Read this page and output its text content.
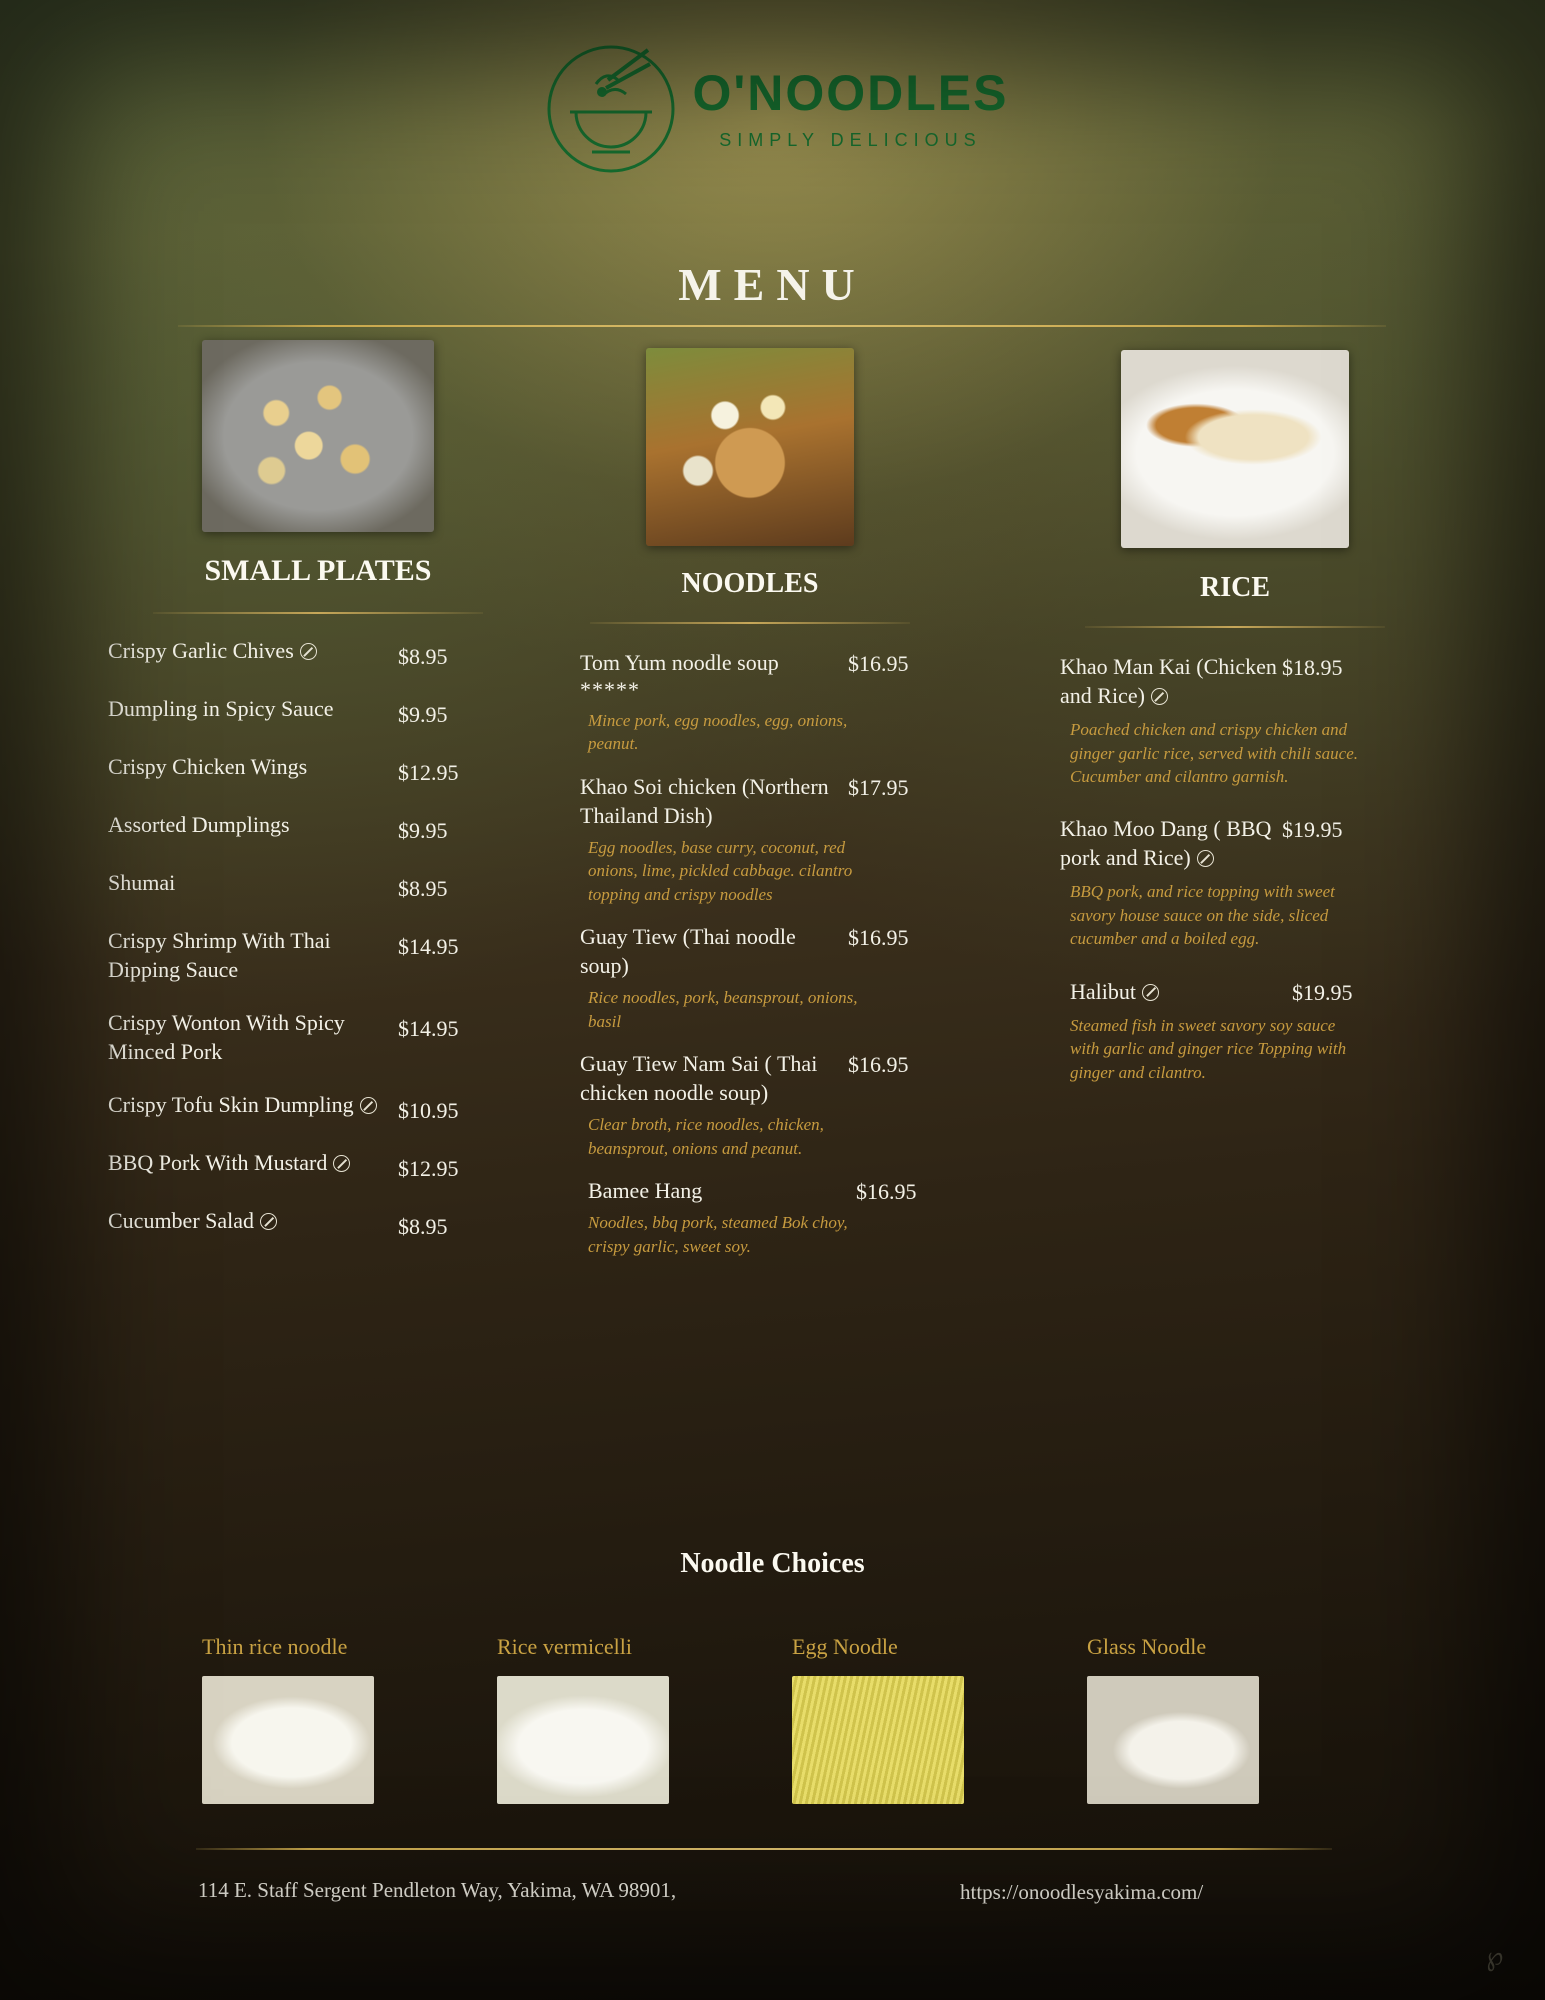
O'NOODLES
SIMPLY DELICIOUS
MENU
SMALL PLATES
Crispy Garlic Chives	$8.95
Dumpling in Spicy Sauce	$9.95
Crispy Chicken Wings	$12.95
Assorted Dumplings	$9.95
Shumai	$8.95
Crispy Shrimp With Thai Dipping Sauce
$14.95
Crispy Wonton With Spicy Minced Pork
$14.95
Crispy Tofu Skin Dumpling	$10.95
BBQ Pork With Mustard	$12.95
Cucumber Salad	$8.95
NOODLES
Tom Yum noodle soup	$16.95
*****
Mince pork, egg noodles, egg, onions, peanut.
Khao Soi chicken (Northern Thailand Dish)
$17.95
Egg noodles, base curry, coconut, red onions, lime, pickled cabbage. cilantro topping and crispy noodles
Guay Tiew (Thai noodle soup)
$16.95
Rice noodles, pork, beansprout, onions, basil
Guay Tiew Nam Sai ( Thai chicken noodle soup)
$16.95
Clear broth, rice noodles, chicken, beansprout, onions and peanut.
Bamee Hang	$16.95
Noodles, bbq pork, steamed Bok choy, crispy garlic, sweet soy.
RICE
Khao Man Kai (Chicken and Rice)
$18.95
Poached chicken and crispy chicken and ginger garlic rice, served with chili sauce. Cucumber and cilantro garnish.
Khao Moo Dang ( BBQ pork and Rice)
$19.95
BBQ pork, and rice topping with sweet savory house sauce on the side, sliced cucumber and a boiled egg.
Halibut	$19.95
Steamed fish in sweet savory soy sauce with garlic and ginger rice Topping with ginger and cilantro.
Noodle Choices
Thin rice noodle	Rice vermicelli	Egg Noodle	Glass Noodle
114 E. Staff Sergent Pendleton Way, Yakima, WA 98901,	https://onoodlesyakima.com/
℘
